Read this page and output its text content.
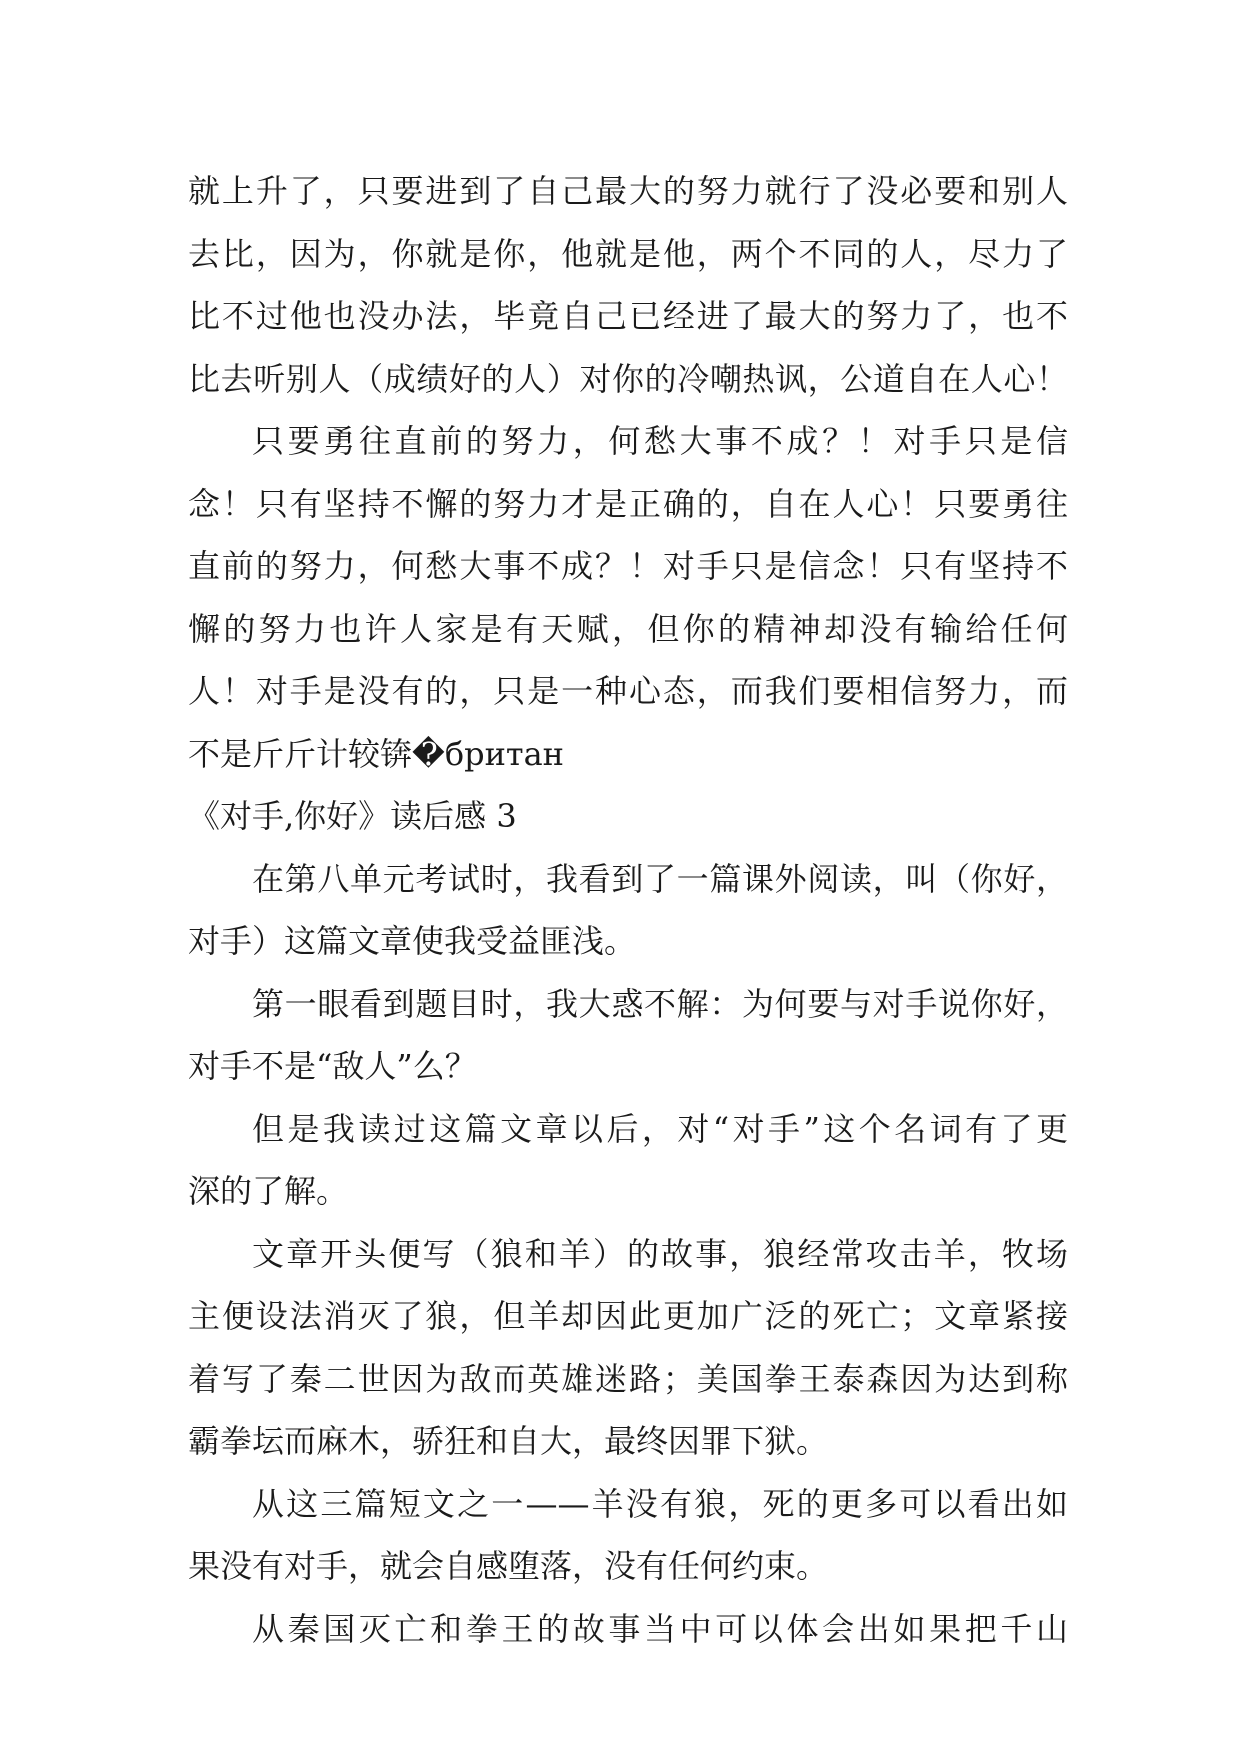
就上升了，只要进到了自己最大的努力就行了没必要和别人
去比，因为，你就是你，他就是他，两个不同的人，尽力了
比不过他也没办法，毕竟自己已经进了最大的努力了，也不
比去听别人（成绩好的人）对你的冷嘲热讽，公道自在人心！
只要勇往直前的努力，何愁大事不成？！对手只是信
念！只有坚持不懈的努力才是正确的，自在人心！只要勇往
直前的努力，何愁大事不成？！对手只是信念！只有坚持不
懈的努力也许人家是有天赋，但你的精神却没有输给任何
人！对手是没有的，只是一种心态，而我们要相信努力，而
不是斤斤计较锛�британ
《对手,你好》读后感 3
在第八单元考试时，我看到了一篇课外阅读，叫（你好，
对手）这篇文章使我受益匪浅。
第一眼看到题目时，我大惑不解：为何要与对手说你好，
对手不是“敌人”么？
但是我读过这篇文章以后，对“对手”这个名词有了更
深的了解。
文章开头便写（狼和羊）的故事，狼经常攻击羊，牧场
主便设法消灭了狼，但羊却因此更加广泛的死亡；文章紧接
着写了秦二世因为敌而英雄迷路；美国拳王泰森因为达到称
霸拳坛而麻木，骄狂和自大，最终因罪下狱。
从这三篇短文之一——羊没有狼，死的更多可以看出如
果没有对手，就会自感堕落，没有任何约束。
从秦国灭亡和拳王的故事当中可以体会出如果把千山
